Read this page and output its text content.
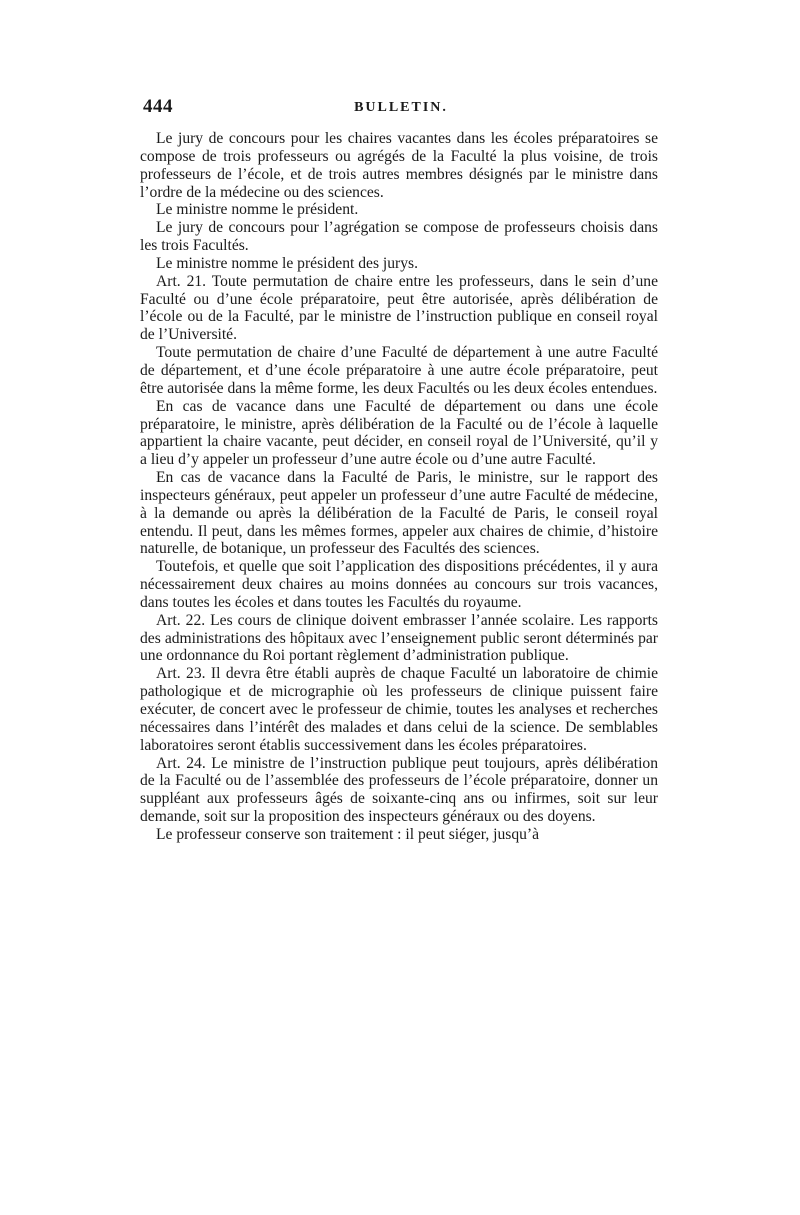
444	BULLETIN.

Le jury de concours pour les chaires vacantes dans les écoles préparatoires se compose de trois professeurs ou agrégés de la Faculté la plus voisine, de trois professeurs de l’école, et de trois autres membres désignés par le ministre dans l’ordre de la médecine ou des sciences.

Le ministre nomme le président.

Le jury de concours pour l’agrégation se compose de professeurs choisis dans les trois Facultés.

Le ministre nomme le président des jurys.

Art. 21. Toute permutation de chaire entre les professeurs, dans le sein d’une Faculté ou d’une école préparatoire, peut être autorisée, après délibération de l’école ou de la Faculté, par le ministre de l’instruction publique en conseil royal de l’Université.

Toute permutation de chaire d’une Faculté de département à une autre Faculté de département, et d’une école préparatoire à une autre école préparatoire, peut être autorisée dans la même forme, les deux Facultés ou les deux écoles entendues.

En cas de vacance dans une Faculté de département ou dans une école préparatoire, le ministre, après délibération de la Faculté ou de l’école à laquelle appartient la chaire vacante, peut décider, en conseil royal de l’Université, qu’il y a lieu d’y appeler un professeur d’une autre école ou d’une autre Faculté.

En cas de vacance dans la Faculté de Paris, le ministre, sur le rapport des inspecteurs généraux, peut appeler un professeur d’une autre Faculté de médecine, à la demande ou après la délibération de la Faculté de Paris, le conseil royal entendu. Il peut, dans les mêmes formes, appeler aux chaires de chimie, d’histoire naturelle, de botanique, un professeur des Facultés des sciences.

Toutefois, et quelle que soit l’application des dispositions précédentes, il y aura nécessairement deux chaires au moins données au concours sur trois vacances, dans toutes les écoles et dans toutes les Facultés du royaume.

Art. 22. Les cours de clinique doivent embrasser l’année scolaire. Les rapports des administrations des hôpitaux avec l’enseignement public seront déterminés par une ordonnance du Roi portant règlement d’administration publique.

Art. 23. Il devra être établi auprès de chaque Faculté un laboratoire de chimie pathologique et de micrographie où les professeurs de clinique puissent faire exécuter, de concert avec le professeur de chimie, toutes les analyses et recherches nécessaires dans l’intérêt des malades et dans celui de la science. De semblables laboratoires seront établis successivement dans les écoles préparatoires.

Art. 24. Le ministre de l’instruction publique peut toujours, après délibération de la Faculté ou de l’assemblée des professeurs de l’école préparatoire, donner un suppléant aux professeurs âgés de soixante-cinq ans ou infirmes, soit sur leur demande, soit sur la proposition des inspecteurs généraux ou des doyens.

Le professeur conserve son traitement : il peut siéger, jusqu’à
